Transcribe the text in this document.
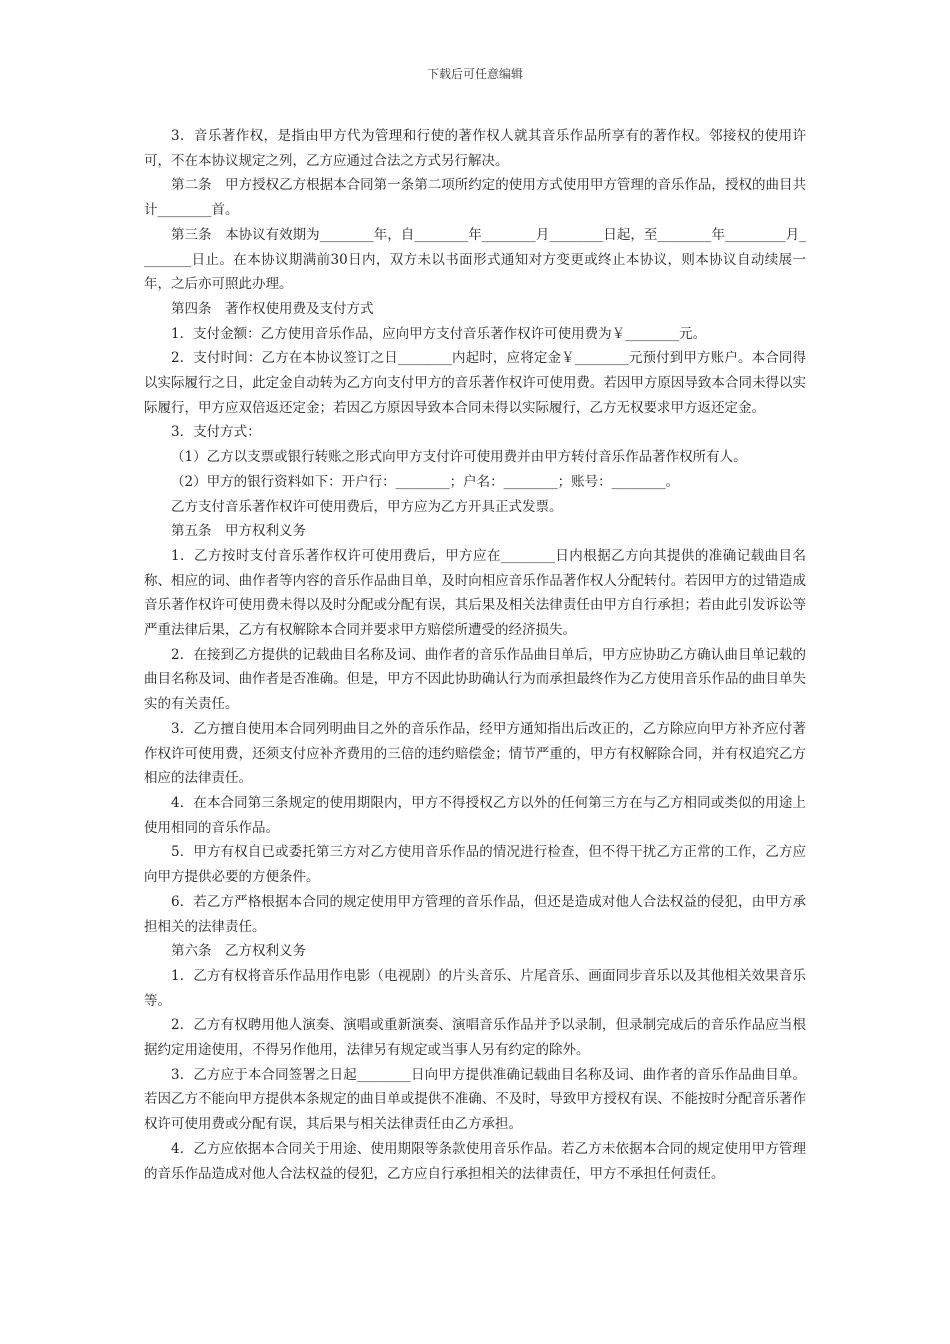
下载后可任意编辑

3．音乐著作权，是指由甲方代为管理和行使的著作权人就其音乐作品所享有的著作权。邻接权的使用许可，不在本协议规定之列，乙方应通过合法之方式另行解决。

第二条　甲方授权乙方根据本合同第一条第二项所约定的使用方式使用甲方管理的音乐作品，授权的曲目共计________首。

第三条　本协议有效期为________年，自________年________月________日起，至________年_________月________日止。在本协议期满前30日内，双方未以书面形式通知对方变更或终止本协议，则本协议自动续展一年，之后亦可照此办理。

第四条　著作权使用费及支付方式

1．支付金额：乙方使用音乐作品，应向甲方支付音乐著作权许可使用费为￥________元。

2．支付时间：乙方在本协议签订之日________内起时，应将定金￥________元预付到甲方账户。本合同得以实际履行之日，此定金自动转为乙方向支付甲方的音乐著作权许可使用费。若因甲方原因导致本合同未得以实际履行，甲方应双倍返还定金；若因乙方原因导致本合同未得以实际履行，乙方无权要求甲方返还定金。

3．支付方式：

（1）乙方以支票或银行转账之形式向甲方支付许可使用费并由甲方转付音乐作品著作权所有人。

（2）甲方的银行资料如下：开户行：________；户名：________；账号：________。

乙方支付音乐著作权许可使用费后，甲方应为乙方开具正式发票。

第五条　甲方权利义务

1．乙方按时支付音乐著作权许可使用费后，甲方应在________日内根据乙方向其提供的准确记载曲目名称、相应的词、曲作者等内容的音乐作品曲目单，及时向相应音乐作品著作权人分配转付。若因甲方的过错造成音乐著作权许可使用费未得以及时分配或分配有误，其后果及相关法律责任由甲方自行承担；若由此引发诉讼等严重法律后果，乙方有权解除本合同并要求甲方赔偿所遭受的经济损失。

2．在接到乙方提供的记载曲目名称及词、曲作者的音乐作品曲目单后，甲方应协助乙方确认曲目单记载的曲目名称及词、曲作者是否准确。但是，甲方不因此协助确认行为而承担最终作为乙方使用音乐作品的曲目单失实的有关责任。

3．乙方擅自使用本合同列明曲目之外的音乐作品，经甲方通知指出后改正的，乙方除应向甲方补齐应付著作权许可使用费，还须支付应补齐费用的三倍的违约赔偿金；情节严重的，甲方有权解除合同，并有权追究乙方相应的法律责任。

4．在本合同第三条规定的使用期限内，甲方不得授权乙方以外的任何第三方在与乙方相同或类似的用途上使用相同的音乐作品。

5．甲方有权自已或委托第三方对乙方使用音乐作品的情况进行检查，但不得干扰乙方正常的工作，乙方应向甲方提供必要的方便条件。

6．若乙方严格根据本合同的规定使用甲方管理的音乐作品，但还是造成对他人合法权益的侵犯，由甲方承担相关的法律责任。

第六条　乙方权利义务

1．乙方有权将音乐作品用作电影（电视剧）的片头音乐、片尾音乐、画面同步音乐以及其他相关效果音乐等。

2．乙方有权聘用他人演奏、演唱或重新演奏、演唱音乐作品并予以录制，但录制完成后的音乐作品应当根据约定用途使用，不得另作他用，法律另有规定或当事人另有约定的除外。

3．乙方应于本合同签署之日起________日向甲方提供准确记载曲目名称及词、曲作者的音乐作品曲目单。若因乙方不能向甲方提供本条规定的曲目单或提供不准确、不及时，导致甲方授权有误、不能按时分配音乐著作权许可使用费或分配有误，其后果与相关法律责任由乙方承担。

4．乙方应依据本合同关于用途、使用期限等条款使用音乐作品。若乙方未依据本合同的规定使用甲方管理的音乐作品造成对他人合法权益的侵犯，乙方应自行承担相关的法律责任，甲方不承担任何责任。
